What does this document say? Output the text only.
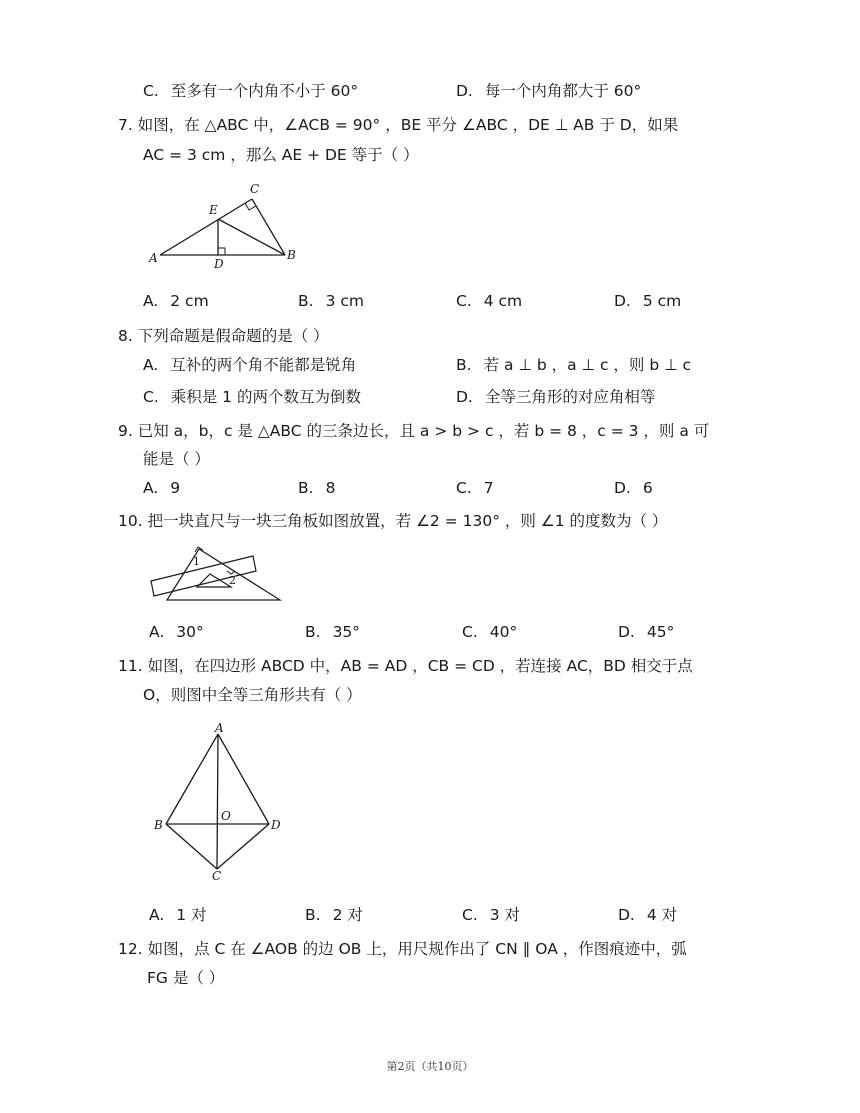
C. 至多有一个内角不小于 60°	D. 每一个内角都大于 60°
7. 如图，在 △ABC 中，∠ACB = 90° ，BE 平分 ∠ABC ，DE ⊥ AB 于 D，如果
AC = 3 cm ，那么 AE + DE 等于（ ）
A	B
C
D
E
A. 2 cm	B. 3 cm	C. 4 cm	D. 5 cm
8. 下列命题是假命题的是（ ）
A. 互补的两个角不能都是锐角	B. 若 a ⊥ b ，a ⊥ c ，则 b ⊥ c
C. 乘积是 1 的两个数互为倒数	D. 全等三角形的对应角相等
9. 已知 a，b，c 是 △ABC 的三条边长，且 a > b > c ，若 b = 8 ，c = 3 ，则 a 可
能是（ ）
A. 9	B. 8	C. 7	D. 6
10. 把一块直尺与一块三角板如图放置，若 ∠2 = 130° ，则 ∠1 的度数为（ ）
1
2
A. 30°	B. 35°	C. 40°	D. 45°
11. 如图，在四边形 ABCD 中，AB = AD ，CB = CD ，若连接 AC，BD 相交于点
O，则图中全等三角形共有（ ）
A
B
C
D
O
A. 1 对	B. 2 对	C. 3 对	D. 4 对
12. 如图，点 C 在 ∠AOB 的边 OB 上，用尺规作出了 CN ∥ OA ，作图痕迹中，弧
FG 是（ ）
第2页（共10页）
